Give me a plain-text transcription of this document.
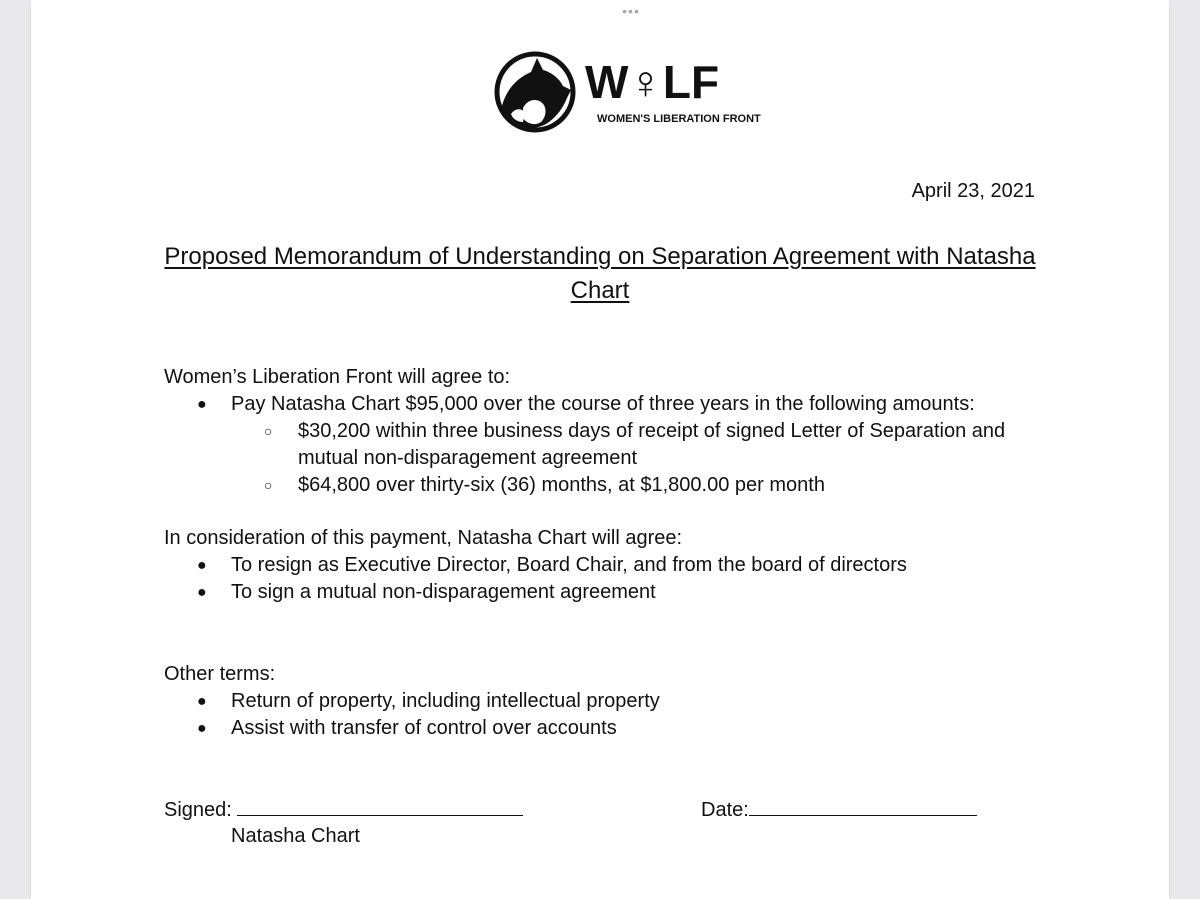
•••
W♀LF
WOMEN'S LIBERATION FRONT
April 23, 2021
Proposed Memorandum of Understanding on Separation Agreement with Natasha Chart
Women’s Liberation Front will agree to:
● Pay Natasha Chart $95,000 over the course of three years in the following amounts:
○ $30,200 within three business days of receipt of signed Letter of Separation and mutual non-disparagement agreement
○ $64,800 over thirty-six (36) months, at $1,800.00 per month
In consideration of this payment, Natasha Chart will agree:
● To resign as Executive Director, Board Chair, and from the board of directors
● To sign a mutual non-disparagement agreement
Other terms:
● Return of property, including intellectual property
● Assist with transfer of control over accounts
Signed:	Date:
Natasha Chart
